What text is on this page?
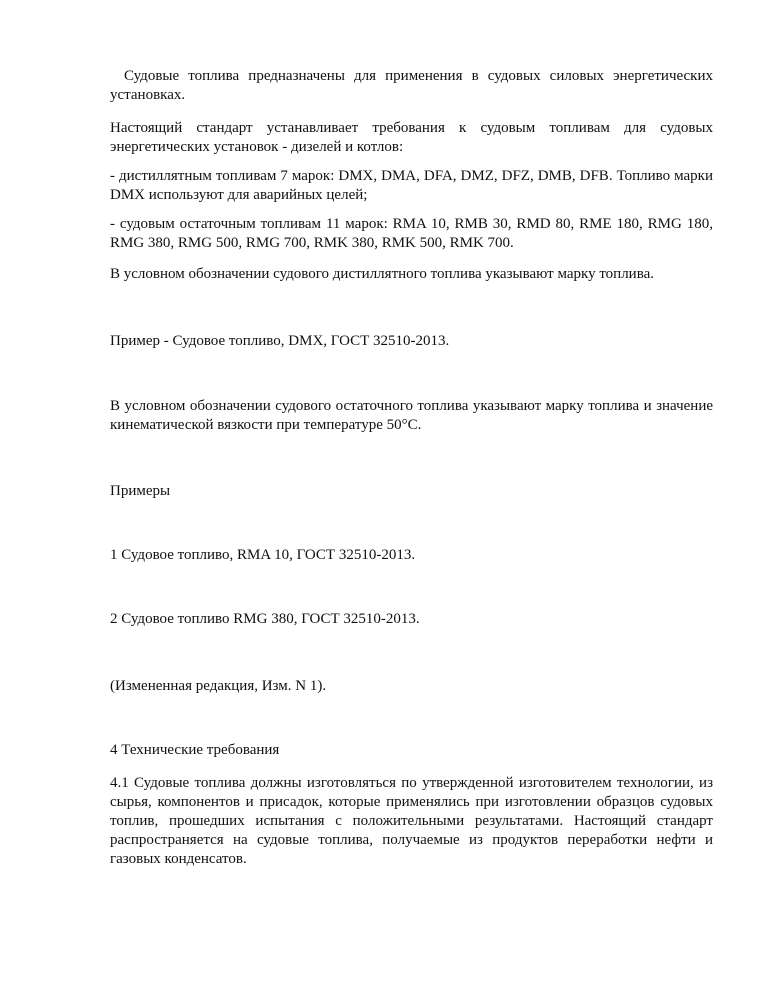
Судовые топлива предназначены для применения в судовых силовых энергетических установках.

Настоящий стандарт устанавливает требования к судовым топливам для судовых энергетических установок - дизелей и котлов:

- дистиллятным топливам 7 марок: DMX, DMA, DFA, DMZ, DFZ, DMB, DFB. Топливо марки DMX используют для аварийных целей;

- судовым остаточным топливам 11 марок: RMA 10, RMB 30, RMD 80, RME 180, RMG 180, RMG 380, RMG 500, RMG 700, RMK 380, RMK 500, RMK 700.

В условном обозначении судового дистиллятного топлива указывают марку топлива.

Пример - Судовое топливо, DMX, ГОСТ 32510-2013.

В условном обозначении судового остаточного топлива указывают марку топлива и значение кинематической вязкости при температуре 50°С.

Примеры

1 Судовое топливо, RMA 10, ГОСТ 32510-2013.

2 Судовое топливо RMG 380, ГОСТ 32510-2013.

(Измененная редакция, Изм. N 1).

4 Технические требования

4.1 Судовые топлива должны изготовляться по утвержденной изготовителем технологии, из сырья, компонентов и присадок, которые применялись при изготовлении образцов судовых топлив, прошедших испытания с положительными результатами. Настоящий стандарт распространяется на судовые топлива, получаемые из продуктов переработки нефти и газовых конденсатов.
